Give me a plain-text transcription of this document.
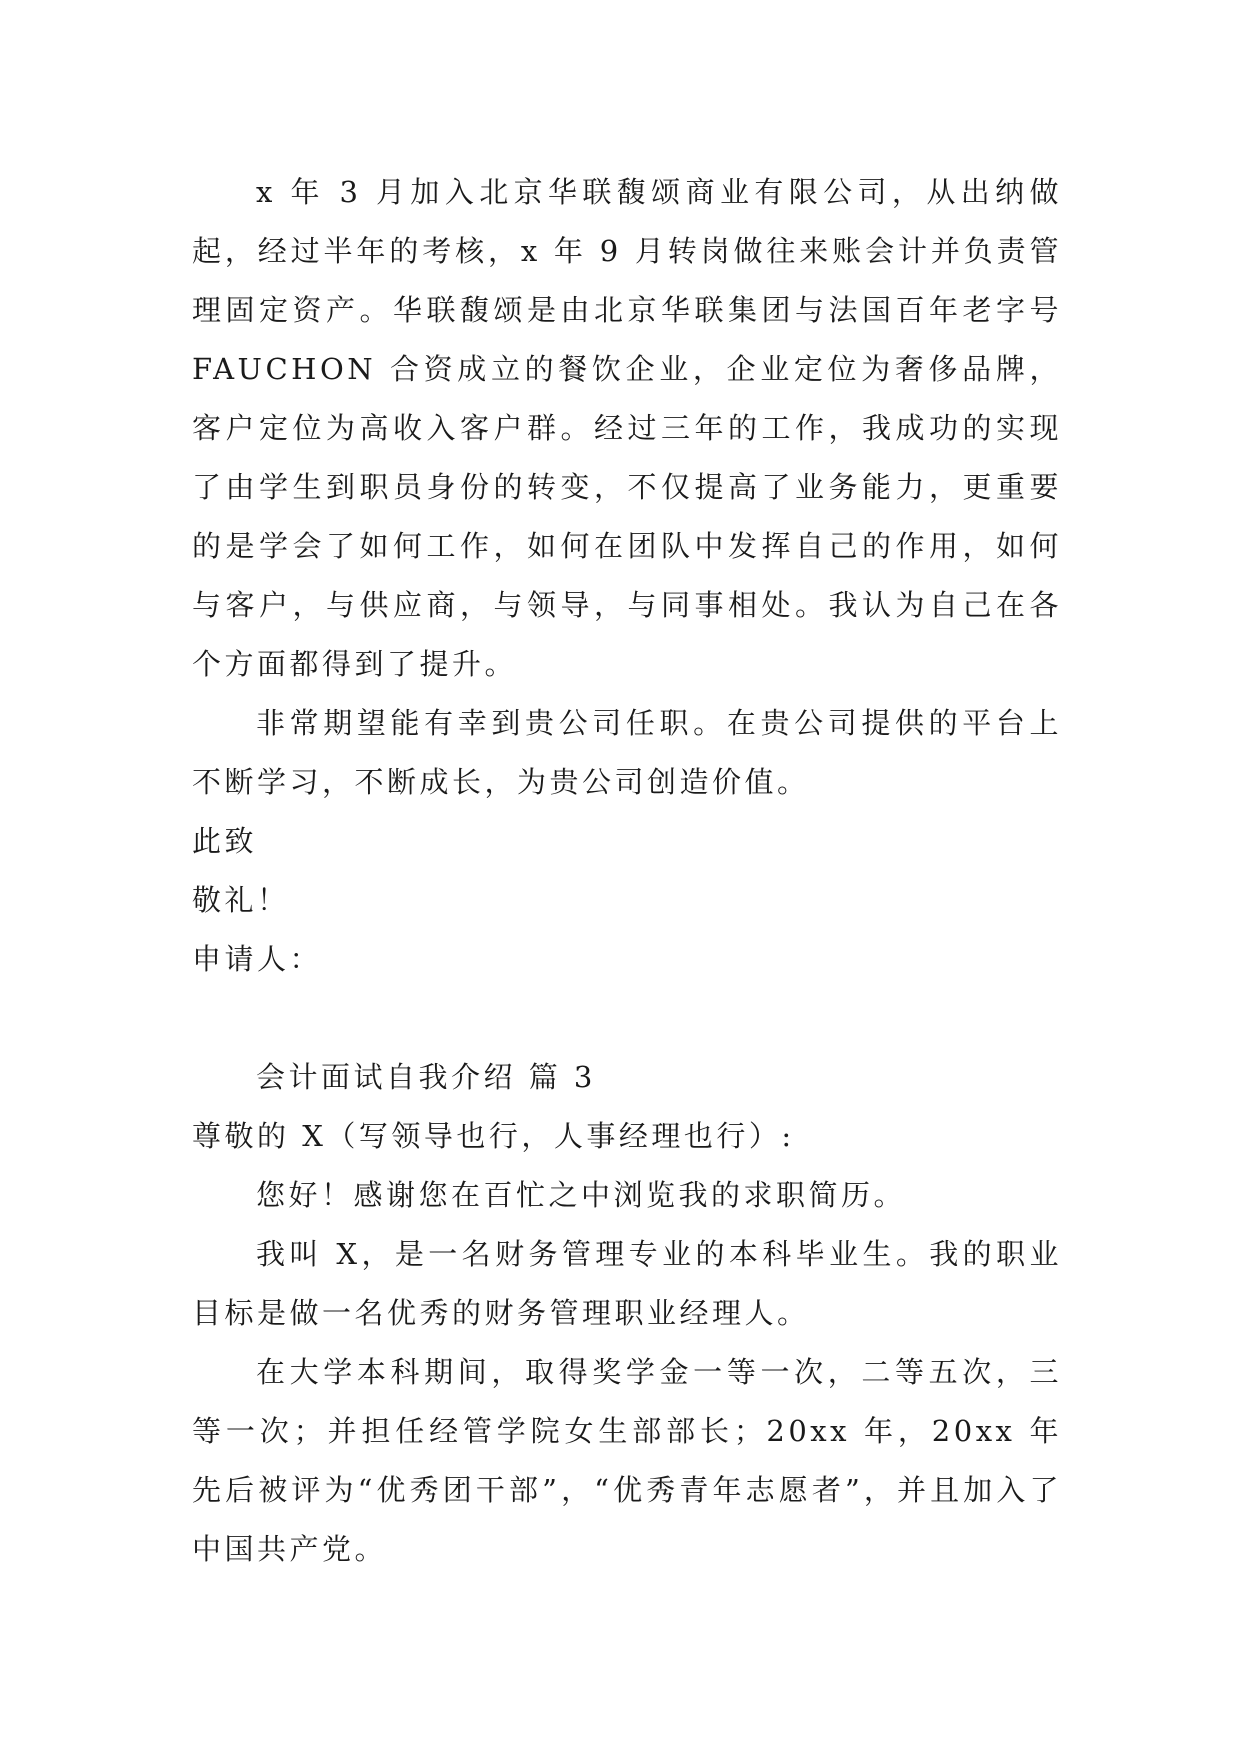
x 年 3 月加入北京华联馥颂商业有限公司，从出纳做起，经过半年的考核，x 年 9 月转岗做往来账会计并负责管理固定资产。华联馥颂是由北京华联集团与法国百年老字号 FAUCHON 合资成立的餐饮企业，企业定位为奢侈品牌，客户定位为高收入客户群。经过三年的工作，我成功的实现了由学生到职员身份的转变，不仅提高了业务能力，更重要的是学会了如何工作，如何在团队中发挥自己的作用，如何与客户，与供应商，与领导，与同事相处。我认为自己在各个方面都得到了提升。

非常期望能有幸到贵公司任职。在贵公司提供的平台上不断学习，不断成长，为贵公司创造价值。

此致

敬礼！

申请人：

会计面试自我介绍 篇 3

尊敬的 X（写领导也行，人事经理也行）:

您好！感谢您在百忙之中浏览我的求职简历。

我叫 X，是一名财务管理专业的本科毕业生。我的职业目标是做一名优秀的财务管理职业经理人。

在大学本科期间，取得奖学金一等一次，二等五次，三等一次；并担任经管学院女生部部长；20xx 年，20xx 年先后被评为“优秀团干部”，“优秀青年志愿者”，并且加入了中国共产党。
